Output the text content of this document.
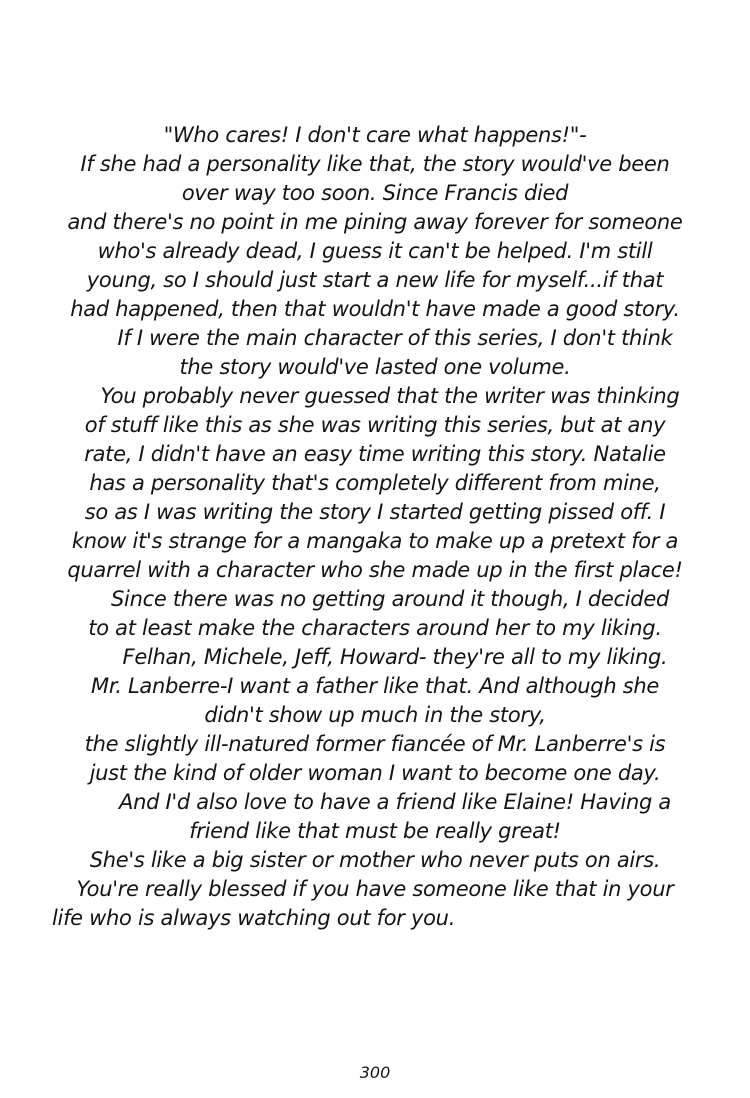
"Who cares! I don't care what happens!"-
If she had a personality like that, the story would've been
over way too soon. Since Francis died
and there's no point in me pining away forever for someone
who's already dead, I guess it can't be helped. I'm still
young, so I should just start a new life for myself...if that
had happened, then that wouldn't have made a good story.
If I were the main character of this series, I don't think
the story would've lasted one volume.
You probably never guessed that the writer was thinking
of stuff like this as she was writing this series, but at any
rate, I didn't have an easy time writing this story. Natalie
has a personality that's completely different from mine,
so as I was writing the story I started getting pissed off. I
know it's strange for a mangaka to make up a pretext for a
quarrel with a character who she made up in the first place!
Since there was no getting around it though, I decided
to at least make the characters around her to my liking.
Felhan, Michele, Jeff, Howard- they're all to my liking.
Mr. Lanberre-I want a father like that. And although she
didn't show up much in the story,
the slightly ill-natured former fiancée of Mr. Lanberre's is
just the kind of older woman I want to become one day.
And I'd also love to have a friend like Elaine! Having a
friend like that must be really great!
She's like a big sister or mother who never puts on airs.
You're really blessed if you have someone like that in your
life who is always watching out for you.
300
